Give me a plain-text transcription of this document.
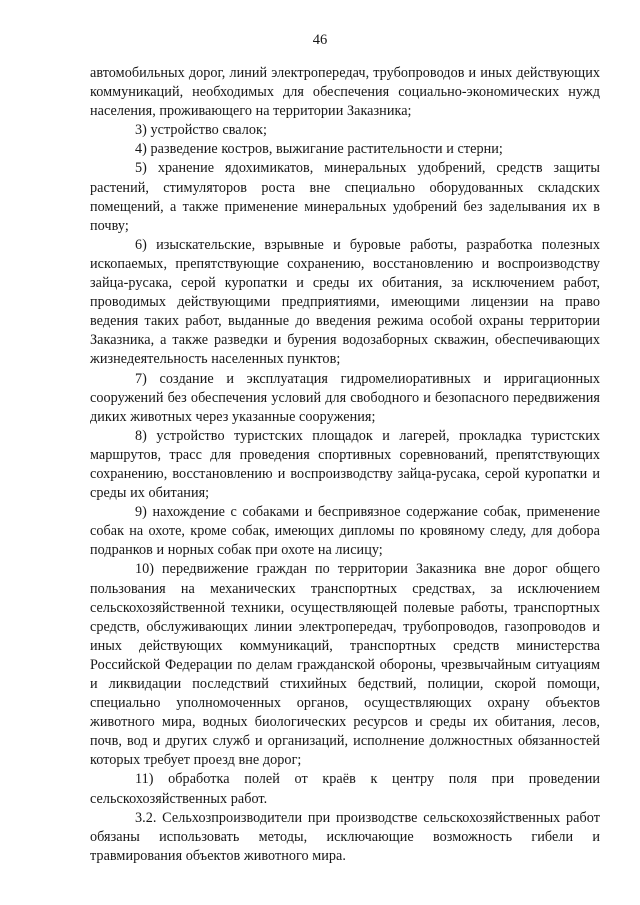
46

автомобильных дорог, линий электропередач, трубопроводов и иных действующих коммуникаций, необходимых для обеспечения социально-экономических нужд населения, проживающего на территории Заказника;

3) устройство свалок;

4) разведение костров, выжигание растительности и стерни;

5) хранение ядохимикатов, минеральных удобрений, средств защиты растений, стимуляторов роста вне специально оборудованных складских помещений, а также применение минеральных удобрений без заделывания их в почву;

6) изыскательские, взрывные и буровые работы, разработка полезных ископаемых, препятствующие сохранению, восстановлению и воспроизводству зайца-русака, серой куропатки и среды их обитания, за исключением работ, проводимых действующими предприятиями, имеющими лицензии на право ведения таких работ, выданные до введения режима особой охраны территории Заказника, а также разведки и бурения водозаборных скважин, обеспечивающих жизнедеятельность населенных пунктов;

7) создание и эксплуатация гидромелиоративных и ирригационных сооружений без обеспечения условий для свободного и безопасного передвижения диких животных через указанные сооружения;

8) устройство туристских площадок и лагерей, прокладка туристских маршрутов, трасс для проведения спортивных соревнований, препятствующих сохранению, восстановлению и воспроизводству зайца-русака, серой куропатки и среды их обитания;

9) нахождение с собаками и беспривязное содержание собак, применение собак на охоте, кроме собак, имеющих дипломы по кровяному следу, для добора подранков и норных собак при охоте на лисицу;

10) передвижение граждан по территории Заказника вне дорог общего пользования на механических транспортных средствах, за исключением сельскохозяйственной техники, осуществляющей полевые работы, транспортных средств, обслуживающих линии электропередач, трубопроводов, газопроводов и иных действующих коммуникаций, транспортных средств министерства Российской Федерации по делам гражданской обороны, чрезвычайным ситуациям и ликвидации последствий стихийных бедствий, полиции, скорой помощи, специально уполномоченных органов, осуществляющих охрану объектов животного мира, водных биологических ресурсов и среды их обитания, лесов, почв, вод и других служб и организаций, исполнение должностных обязанностей которых требует проезд вне дорог;

11) обработка полей от краёв к центру поля при проведении сельскохозяйственных работ.

3.2. Сельхозпроизводители при производстве сельскохозяйственных работ обязаны использовать методы, исключающие возможность гибели и травмирования объектов животного мира.
